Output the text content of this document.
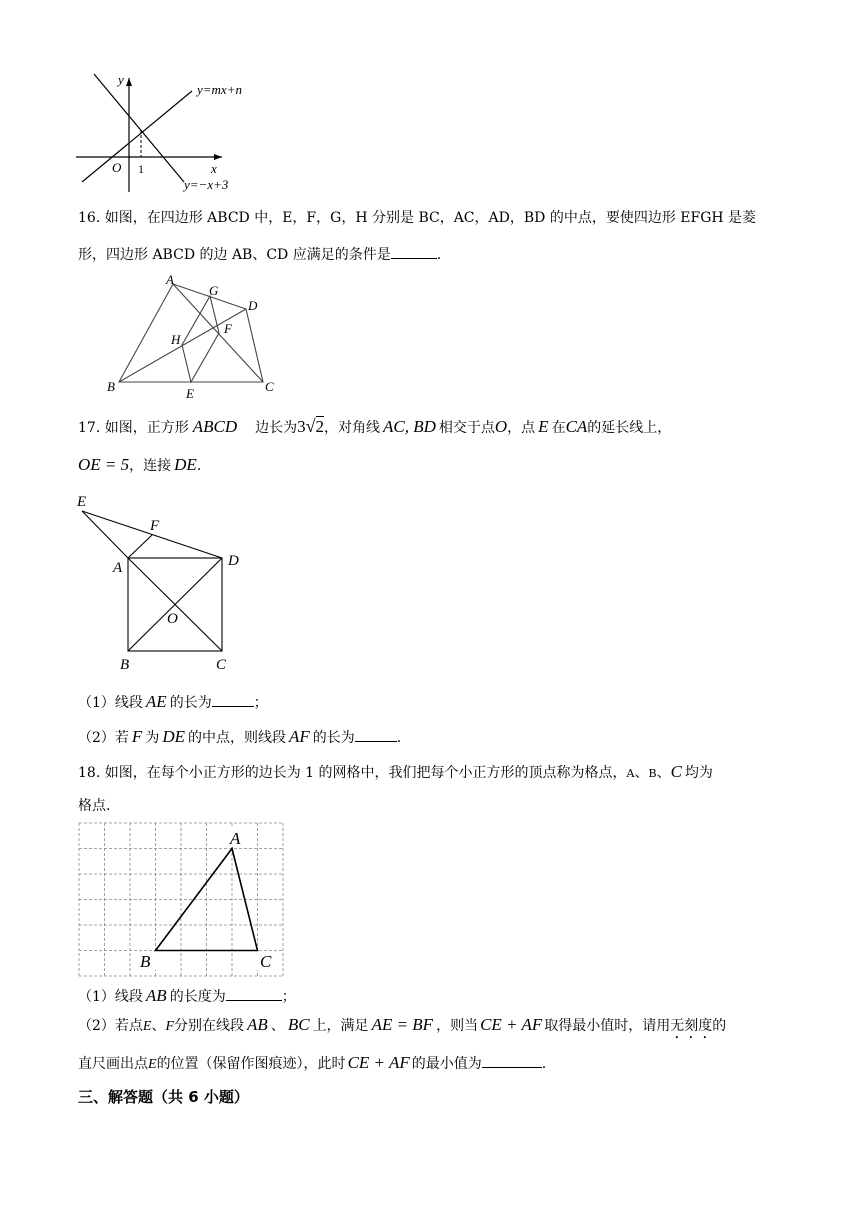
y
x
O 1
y=mx+n
y=−x+3
16. 如图，在四边形 ABCD 中，E，F，G，H 分别是 BC，AC，AD，BD 的中点，要使四边形 EFGH 是菱
形，四边形 ABCD 的边 AB、CD 应满足的条件是	.
A
B	C
D
E
F
G
H
17. 如图，正方形 ABCD 边长为3√2，对角线 AC, BD 相交于点O，点 E 在CA的延长线上，
OE = 5，连接 DE.
E
F
A	D
O
B	C
（1）线段 AE 的长为	；
（2）若 F 为 DE 的中点，则线段 AF 的长为	.
18. 如图，在每个小正方形的边长为 1 的网格中，我们把每个小正方形的顶点称为格点，A、B、C 均为
格点.
A
B	C
（1）线段 AB 的长度为	；
（2）若点E、F分别在线段 AB 、 BC 上，满足 AE = BF ，则当 CE + AF 取得最小值时，请用无刻度的
直尺画出点E的位置（保留作图痕迹），此时 CE + AF 的最小值为	.
三、解答题（共 6 小题）
